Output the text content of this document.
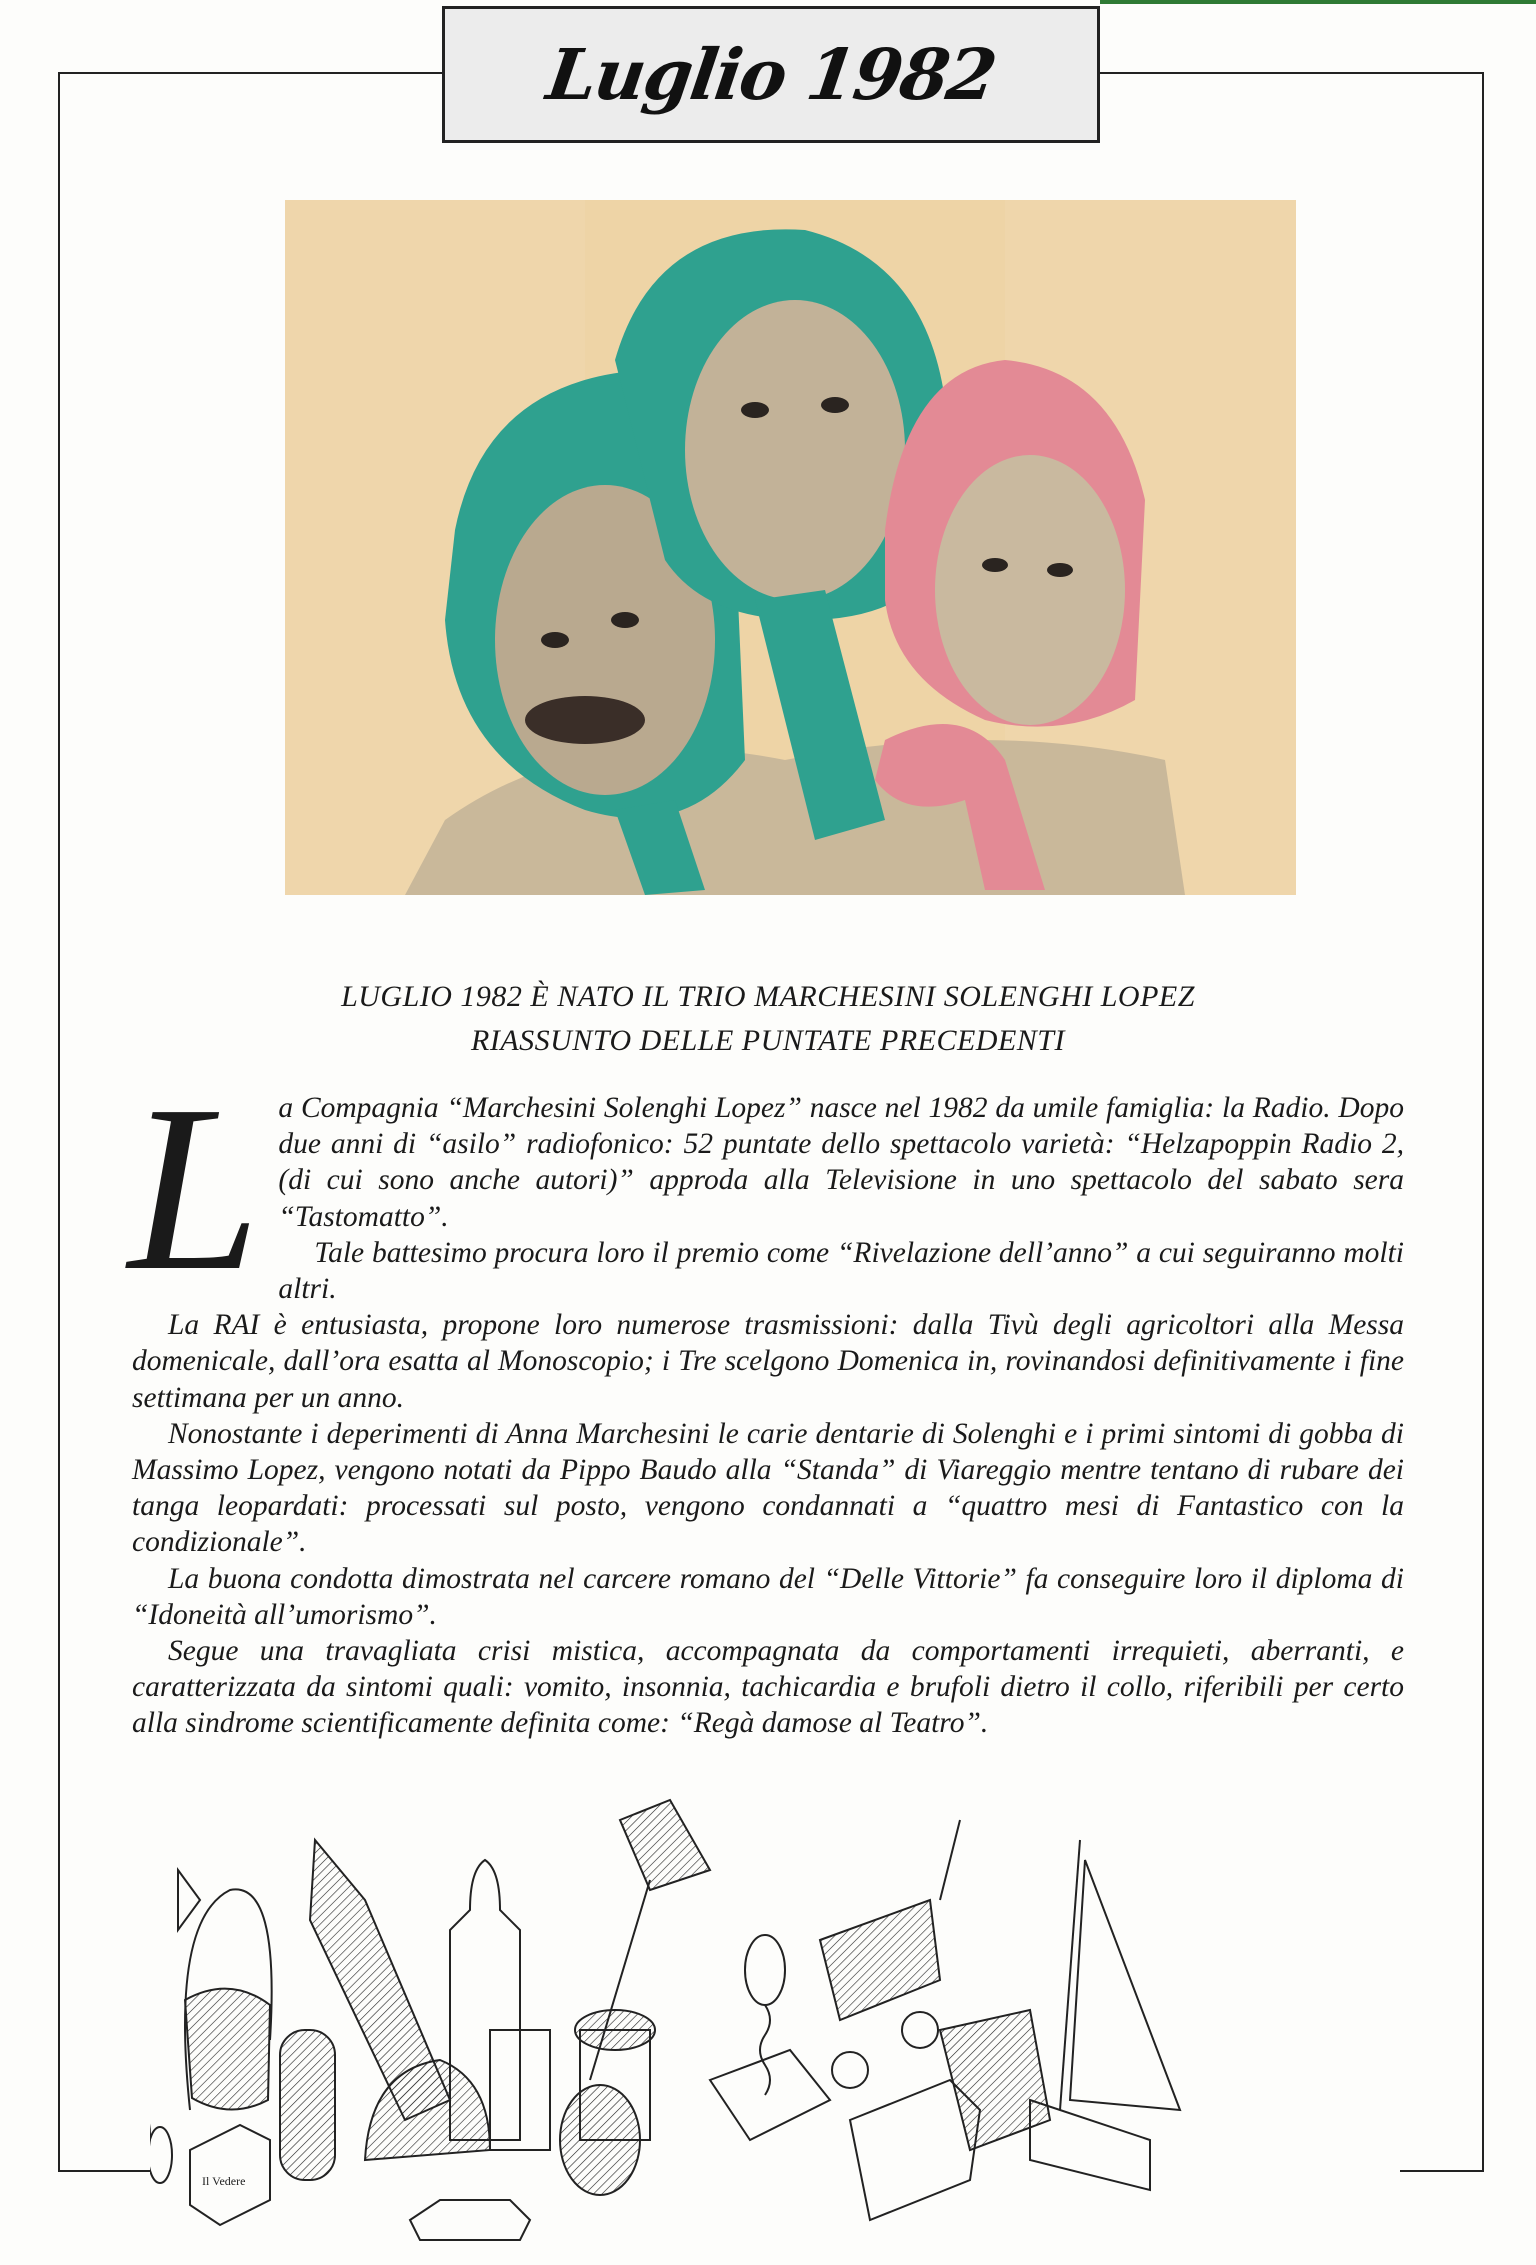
Luglio 1982
LUGLIO 1982 È NATO IL TRIO MARCHESINI SOLENGHI LOPEZ
RIASSUNTO DELLE PUNTATE PRECEDENTI
L a Compagnia “Marchesini Solenghi Lopez” nasce nel 1982 da umile famiglia: la Radio. Dopo due anni di “asilo” radiofonico: 52 puntate dello spettacolo varietà: “Helzapoppin Radio 2, (di cui sono anche autori)” approda alla Televisione in uno spettacolo del sabato sera “Tastomatto”.

Tale battesimo procura loro il premio come “Rivelazione dell’anno” a cui seguiranno molti altri.

La RAI è entusiasta, propone loro numerose trasmissioni: dalla Tivù degli agricoltori alla Messa domenicale, dall’ora esatta al Monoscopio; i Tre scelgono Domenica in, rovinandosi definitivamente i fine settimana per un anno.

Nonostante i deperimenti di Anna Marchesini le carie dentarie di Solenghi e i primi sintomi di gobba di Massimo Lopez, vengono notati da Pippo Baudo alla “Standa” di Viareggio mentre tentano di rubare dei tanga leopardati: processati sul posto, vengono condannati a “quattro mesi di Fantastico con la condizionale”.

La buona condotta dimostrata nel carcere romano del “Delle Vittorie” fa conseguire loro il diploma di “Idoneità all’umorismo”.

Segue una travagliata crisi mistica, accompagnata da comportamenti irrequieti, aberranti, e caratterizzata da sintomi quali: vomito, insonnia, tachicardia e brufoli dietro il collo, riferibili per certo alla sindrome scientificamente definita come: “Regà damose al Teatro”.

Il Vedere
